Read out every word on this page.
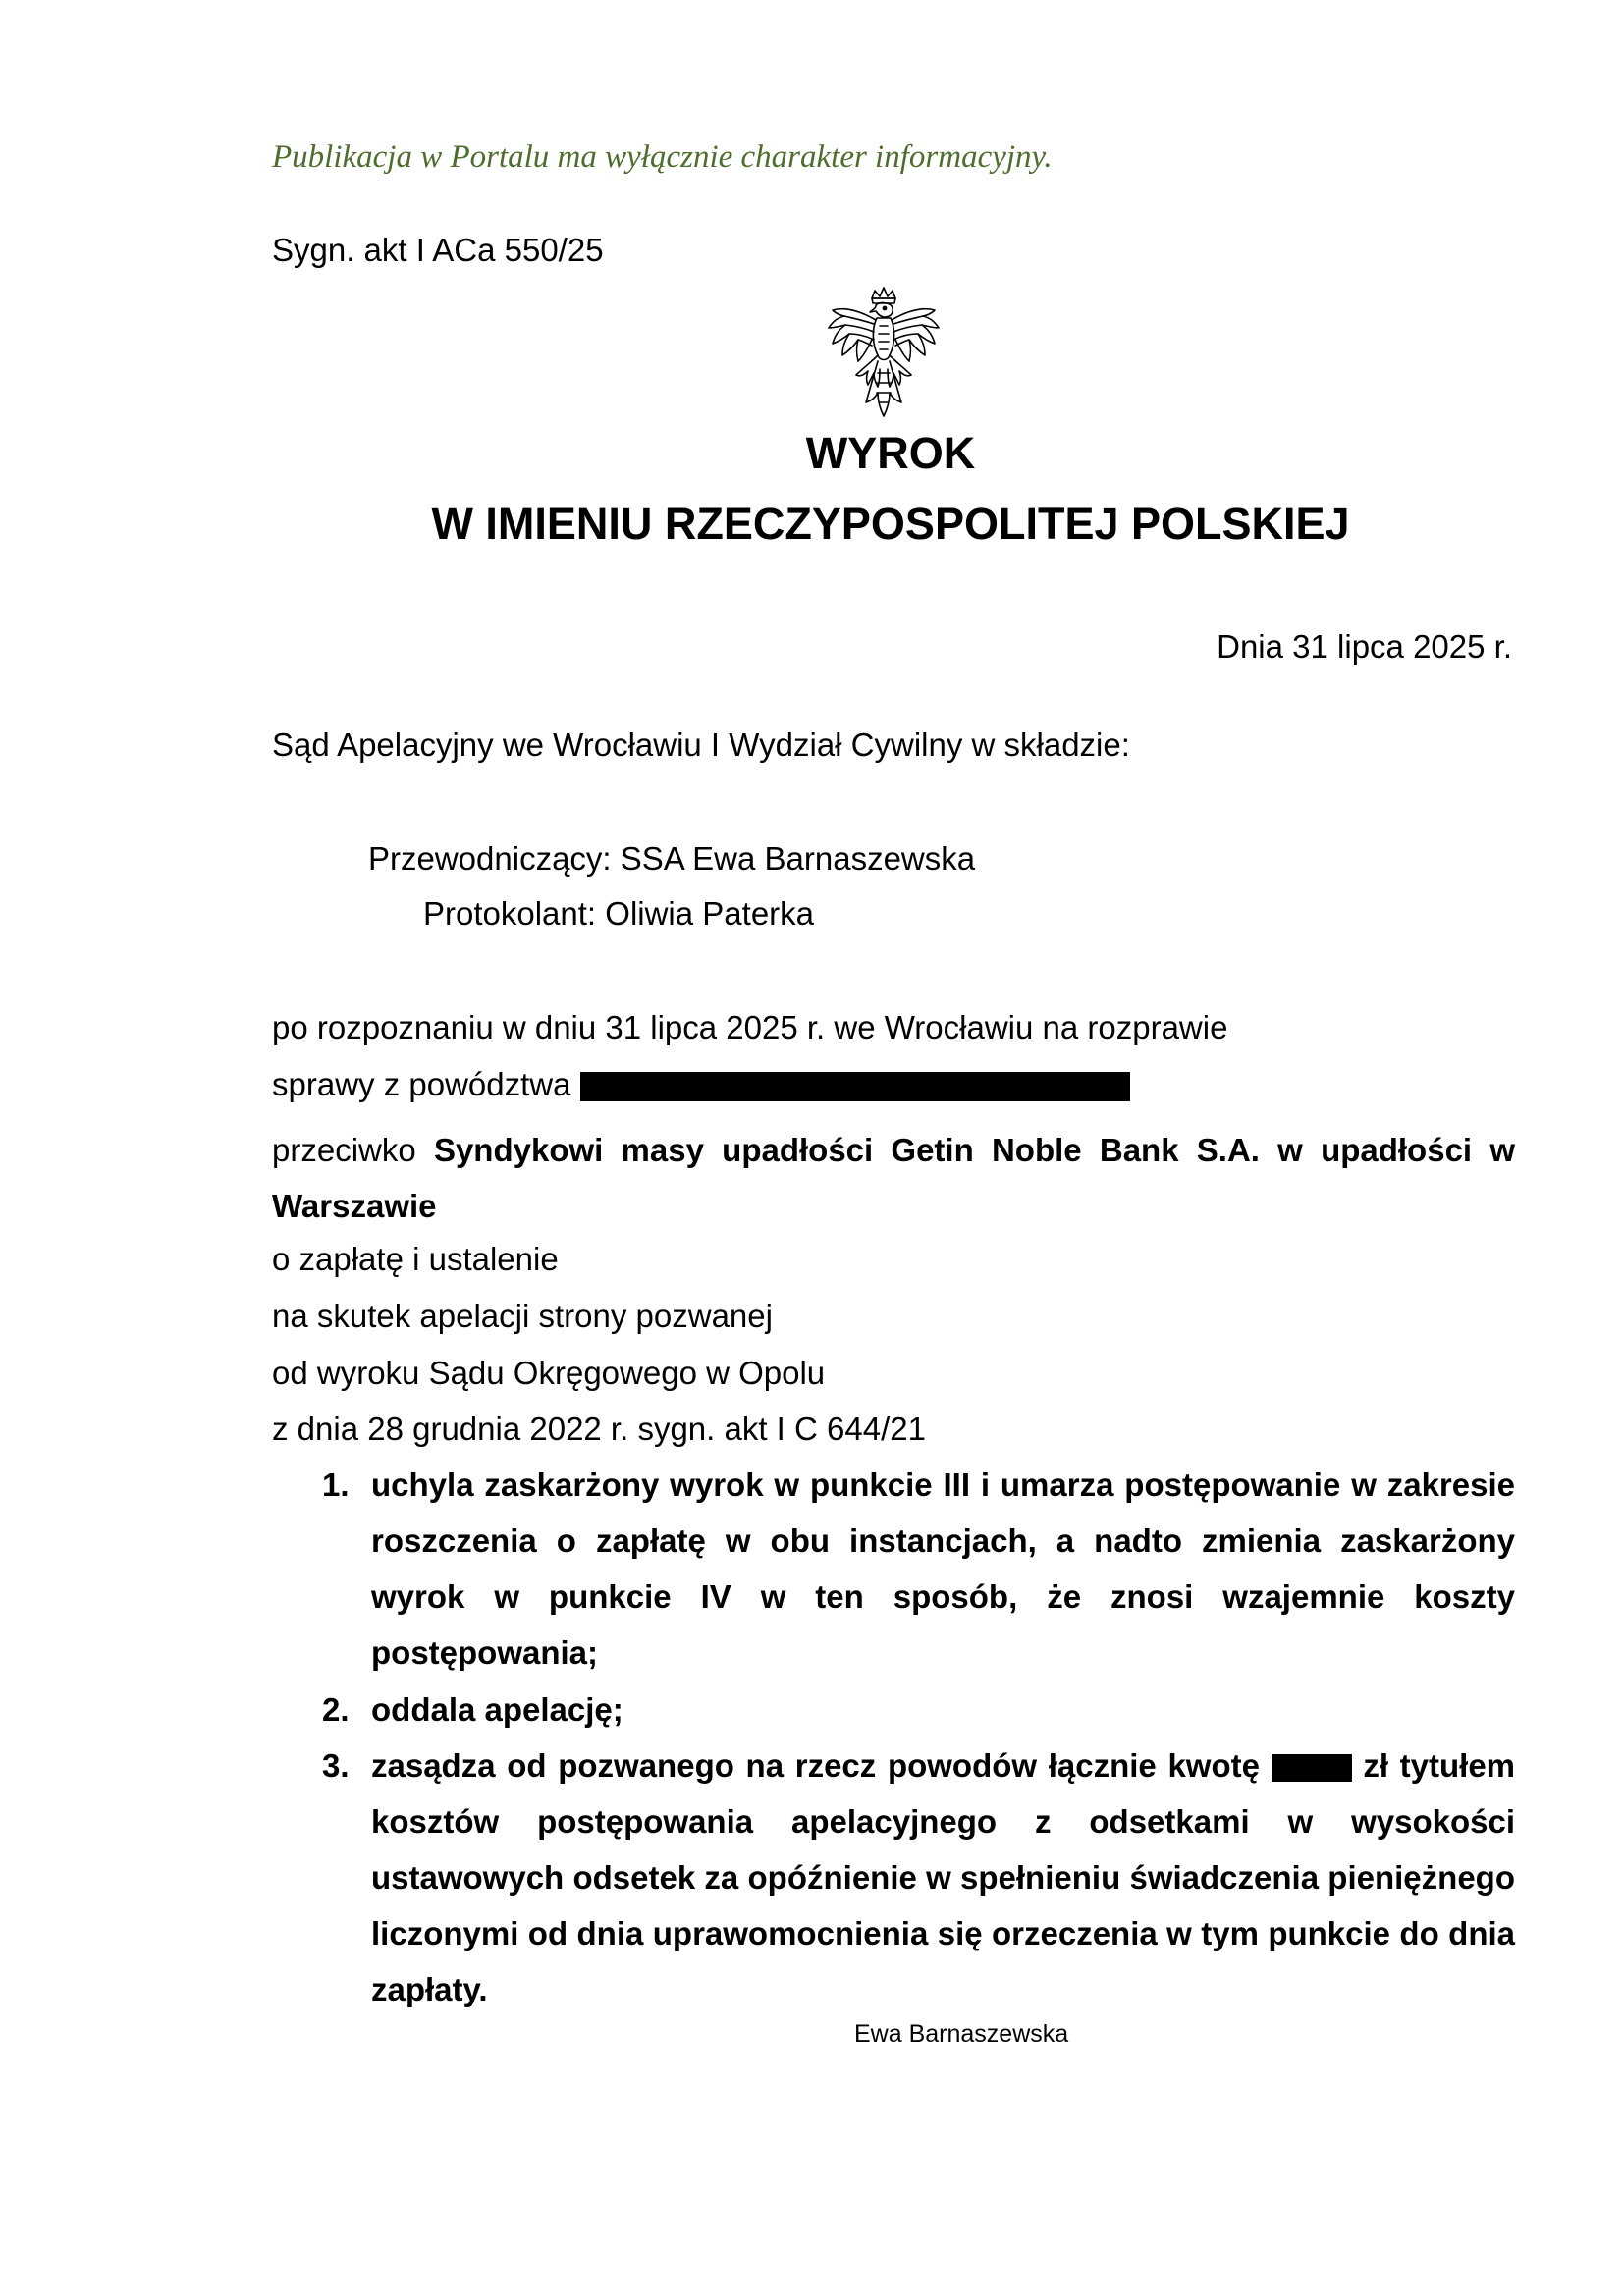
Publikacja w Portalu ma wyłącznie charakter informacyjny.
Sygn. akt I ACa 550/25
WYROK
W IMIENIU RZECZYPOSPOLITEJ POLSKIEJ
Dnia 31 lipca 2025 r.
Sąd Apelacyjny we Wrocławiu I Wydział Cywilny w składzie:
Przewodniczący: SSA Ewa Barnaszewska
Protokolant: Oliwia Paterka
po rozpoznaniu w dniu 31 lipca 2025 r. we Wrocławiu na rozprawie
sprawy z powództwa
przeciwko Syndykowi masy upadłości Getin Noble Bank S.A. w upadłości w Warszawie
o zapłatę i ustalenie
na skutek apelacji strony pozwanej
od wyroku Sądu Okręgowego w Opolu
z dnia 28 grudnia 2022 r. sygn. akt I C 644/21
1. uchyla zaskarżony wyrok w punkcie III i umarza postępowanie w zakresie roszczenia o zapłatę w obu instancjach, a nadto zmienia zaskarżony wyrok w punkcie IV w ten sposób, że znosi wzajemnie koszty postępowania;
2. oddala apelację;
3. zasądza od pozwanego na rzecz powodów łącznie kwotę  zł tytułem kosztów postępowania apelacyjnego z odsetkami w wysokości ustawowych odsetek za opóźnienie w spełnieniu świadczenia pieniężnego liczonymi od dnia uprawomocnienia się orzeczenia w tym punkcie do dnia zapłaty.
Ewa Barnaszewska
